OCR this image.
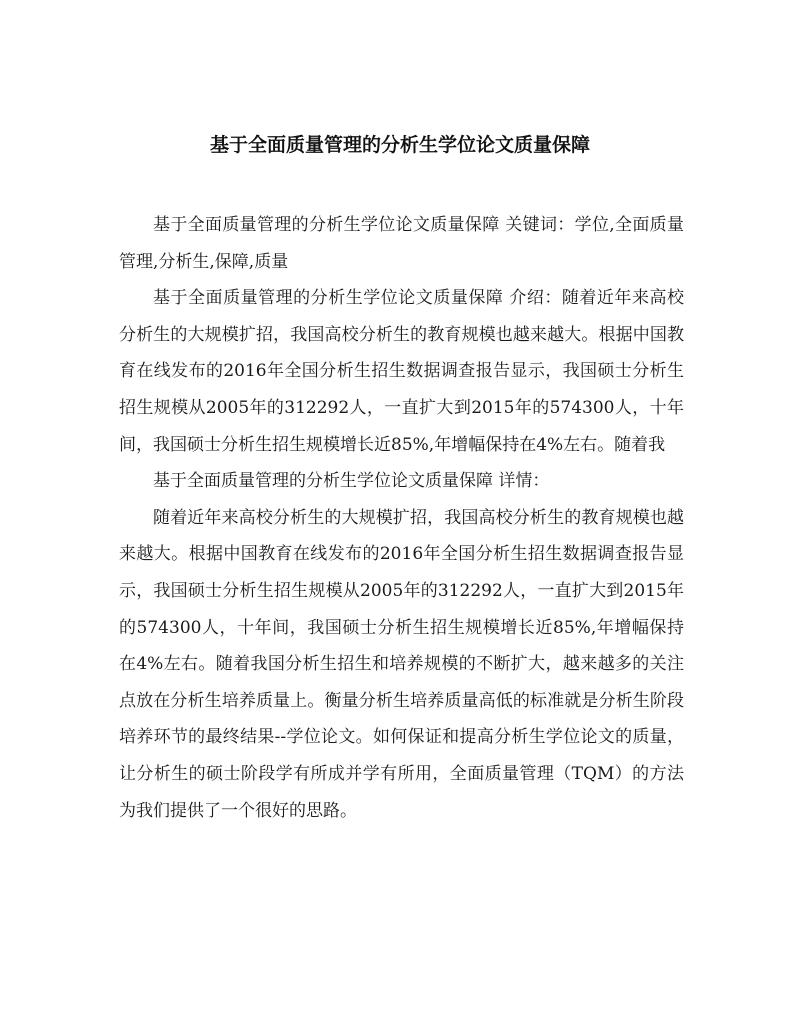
基于全面质量管理的分析生学位论文质量保障

基于全面质量管理的分析生学位论文质量保障 关键词：学位,全面质量管理,分析生,保障,质量

基于全面质量管理的分析生学位论文质量保障 介绍：随着近年来高校分析生的大规模扩招，我国高校分析生的教育规模也越来越大。根据中国教育在线发布的2016年全国分析生招生数据调查报告显示，我国硕士分析生招生规模从2005年的312292人，一直扩大到2015年的574300人，十年间，我国硕士分析生招生规模增长近85%,年增幅保持在4%左右。随着我

基于全面质量管理的分析生学位论文质量保障 详情：

随着近年来高校分析生的大规模扩招，我国高校分析生的教育规模也越来越大。根据中国教育在线发布的2016年全国分析生招生数据调查报告显示，我国硕士分析生招生规模从2005年的312292人，一直扩大到2015年的574300人，十年间，我国硕士分析生招生规模增长近85%,年增幅保持在4%左右。随着我国分析生招生和培养规模的不断扩大，越来越多的关注点放在分析生培养质量上。衡量分析生培养质量高低的标准就是分析生阶段培养环节的最终结果--学位论文。如何保证和提高分析生学位论文的质量，让分析生的硕士阶段学有所成并学有所用，全面质量管理（TQM）的方法为我们提供了一个很好的思路。
